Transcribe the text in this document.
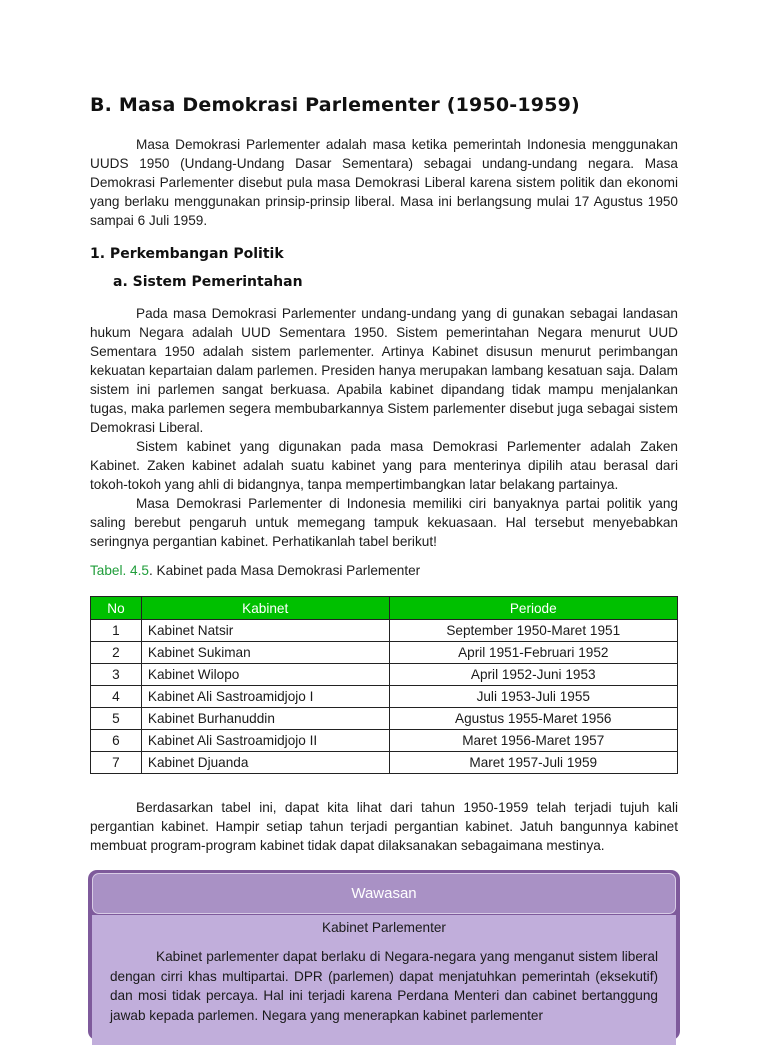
B. Masa Demokrasi Parlementer (1950-1959)

Masa Demokrasi Parlementer adalah masa ketika pemerintah Indonesia menggunakan UUDS 1950 (Undang-Undang Dasar Sementara) sebagai undang-undang negara. Masa Demokrasi Parlementer disebut pula masa Demokrasi Liberal karena sistem politik dan ekonomi yang berlaku menggunakan prinsip-prinsip liberal. Masa ini berlangsung mulai 17 Agustus 1950 sampai 6 Juli 1959.

1. Perkembangan Politik
a. Sistem Pemerintahan

Pada masa Demokrasi Parlementer undang-undang yang di gunakan sebagai landasan hukum Negara adalah UUD Sementara 1950. Sistem pemerintahan Negara menurut UUD Sementara 1950 adalah sistem parlementer. Artinya Kabinet disusun menurut perimbangan kekuatan kepartaian dalam parlemen. Presiden hanya merupakan lambang kesatuan saja. Dalam sistem ini parlemen sangat berkuasa. Apabila kabinet dipandang tidak mampu menjalankan tugas, maka parlemen segera membubarkannya Sistem parlementer disebut juga sebagai sistem Demokrasi Liberal.

Sistem kabinet yang digunakan pada masa Demokrasi Parlementer adalah Zaken Kabinet. Zaken kabinet adalah suatu kabinet yang para menterinya dipilih atau berasal dari tokoh-tokoh yang ahli di bidangnya, tanpa mempertimbangkan latar belakang partainya.

Masa Demokrasi Parlementer di Indonesia memiliki ciri banyaknya partai politik yang saling berebut pengaruh untuk memegang tampuk kekuasaan. Hal tersebut menyebabkan seringnya pergantian kabinet. Perhatikanlah tabel berikut!

Tabel. 4.5. Kabinet pada Masa Demokrasi Parlementer

No	Kabinet	Periode
1	Kabinet Natsir	September 1950-Maret 1951
2	Kabinet Sukiman	April 1951-Februari 1952
3	Kabinet Wilopo	April 1952-Juni 1953
4	Kabinet Ali Sastroamidjojo I	Juli 1953-Juli 1955
5	Kabinet Burhanuddin	Agustus 1955-Maret 1956
6	Kabinet Ali Sastroamidjojo II	Maret 1956-Maret 1957
7	Kabinet Djuanda	Maret 1957-Juli 1959

Berdasarkan tabel ini, dapat kita lihat dari tahun 1950-1959 telah terjadi tujuh kali pergantian kabinet. Hampir setiap tahun terjadi pergantian kabinet. Jatuh bangunnya kabinet membuat program-program kabinet tidak dapat dilaksanakan sebagaimana mestinya.

Wawasan
Kabinet Parlementer

Kabinet parlementer dapat berlaku di Negara-negara yang menganut sistem liberal dengan cirri khas multipartai. DPR (parlemen) dapat menjatuhkan pemerintah (eksekutif) dan mosi tidak percaya. Hal ini terjadi karena Perdana Menteri dan cabinet bertanggung jawab kepada parlemen. Negara yang menerapkan kabinet parlementer
